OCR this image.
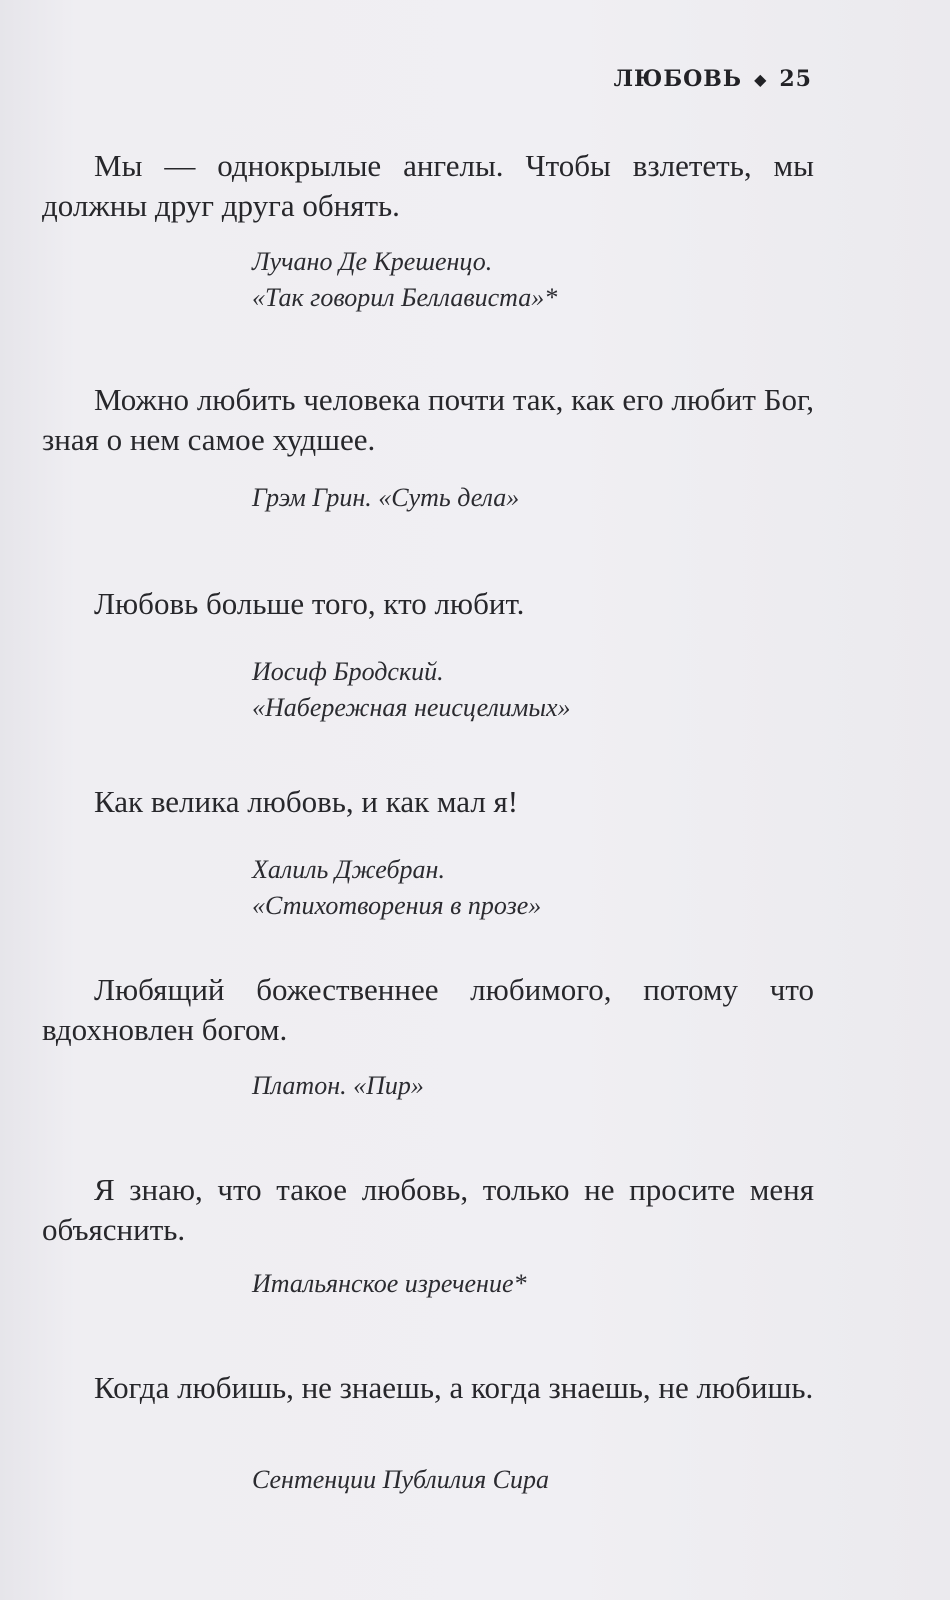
ЛЮБОВЬ ◆ 25

Мы — однокрылые ангелы. Чтобы взлететь, мы должны друг друга обнять.

Лучано Де Крешенцо.
«Так говорил Беллависта»*

Можно любить человека почти так, как его любит Бог, зная о нем самое худшее.

Грэм Грин. «Суть дела»

Любовь больше того, кто любит.

Иосиф Бродский.
«Набережная неисцелимых»

Как велика любовь, и как мал я!

Халиль Джебран.
«Стихотворения в прозе»

Любящий божественнее любимого, потому что вдохновлен богом.

Платон. «Пир»

Я знаю, что такое любовь, только не просите меня объяснить.

Итальянское изречение*

Когда любишь, не знаешь, а когда знаешь, не любишь.

Сентенции Публилия Сира
